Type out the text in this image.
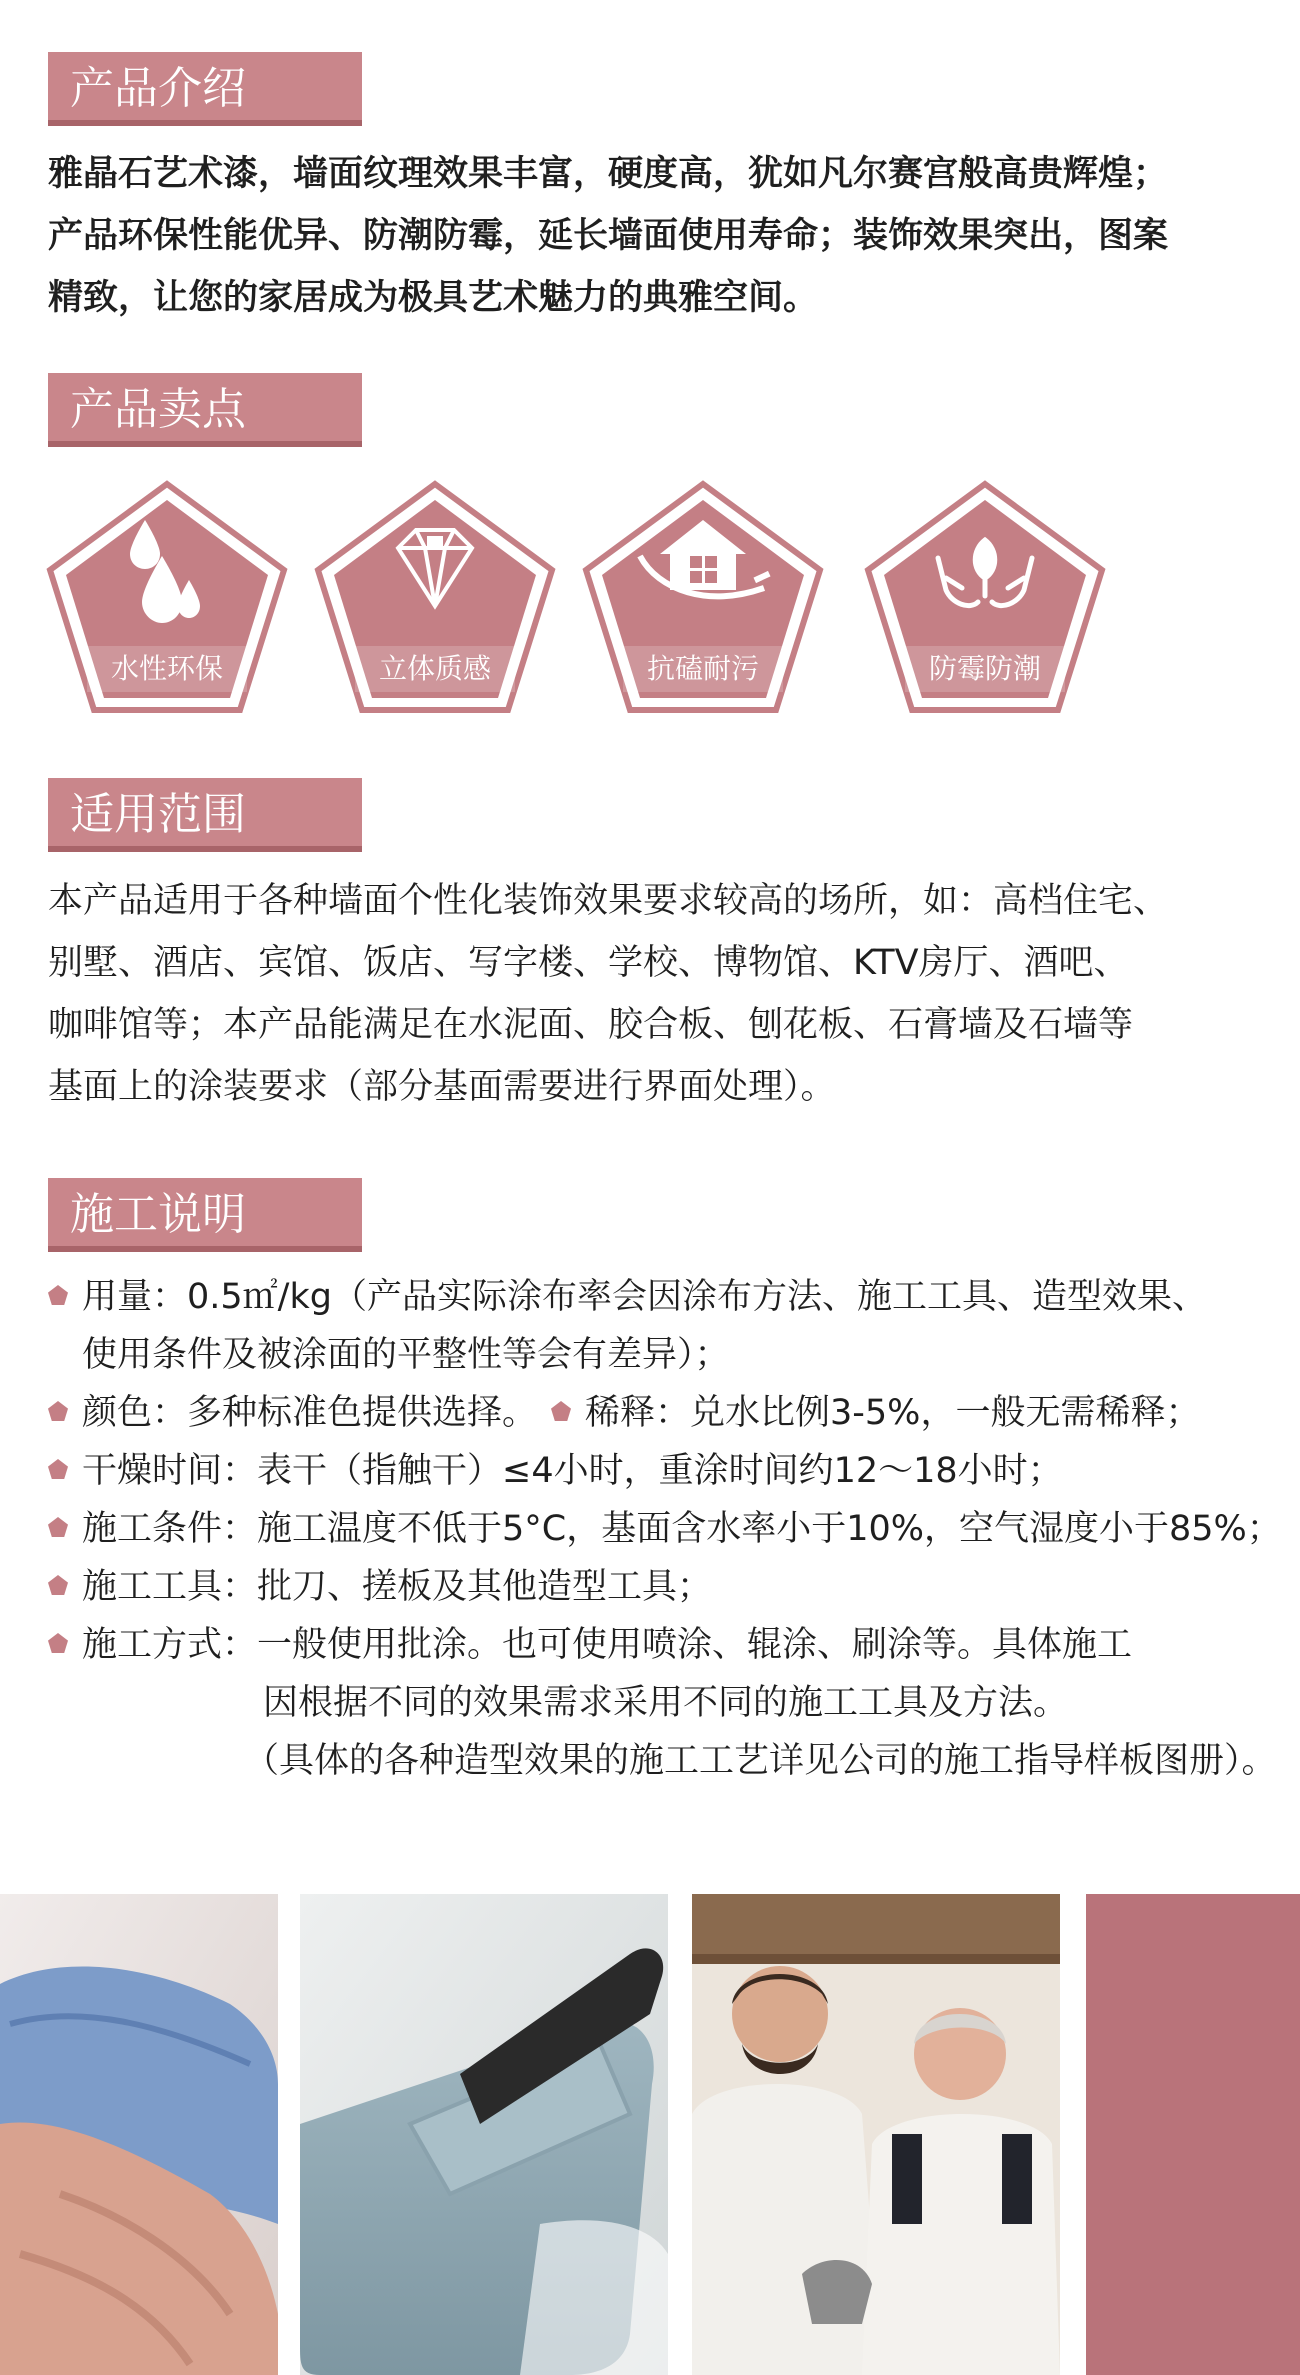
产品介绍
雅晶石艺术漆，墙面纹理效果丰富，硬度高，犹如凡尔赛宫般高贵辉煌；
产品环保性能优异、防潮防霉，延长墙面使用寿命；装饰效果突出，图案
精致，让您的家居成为极具艺术魅力的典雅空间。
产品卖点
水性环保	立体质感	抗磕耐污	防霉防潮
适用范围
本产品适用于各种墙面个性化装饰效果要求较高的场所，如：高档住宅、
别墅、酒店、宾馆、饭店、写字楼、学校、博物馆、KTV房厅、酒吧、
咖啡馆等；本产品能满足在水泥面、胶合板、刨花板、石膏墙及石墙等
基面上的涂装要求（部分基面需要进行界面处理）。
施工说明
用量：0.5㎡/kg（产品实际涂布率会因涂布方法、施工工具、造型效果、
使用条件及被涂面的平整性等会有差异）；
颜色：多种标准色提供选择。 稀释：兑水比例3-5%，一般无需稀释；
干燥时间：表干（指触干）≤4小时，重涂时间约12～18小时；
施工条件：施工温度不低于5°C，基面含水率小于10%，空气湿度小于85%；
施工工具：批刀、搓板及其他造型工具；
施工方式：一般使用批涂。也可使用喷涂、辊涂、刷涂等。具体施工
因根据不同的效果需求采用不同的施工工具及方法。
（具体的各种造型效果的施工工艺详见公司的施工指导样板图册）。
